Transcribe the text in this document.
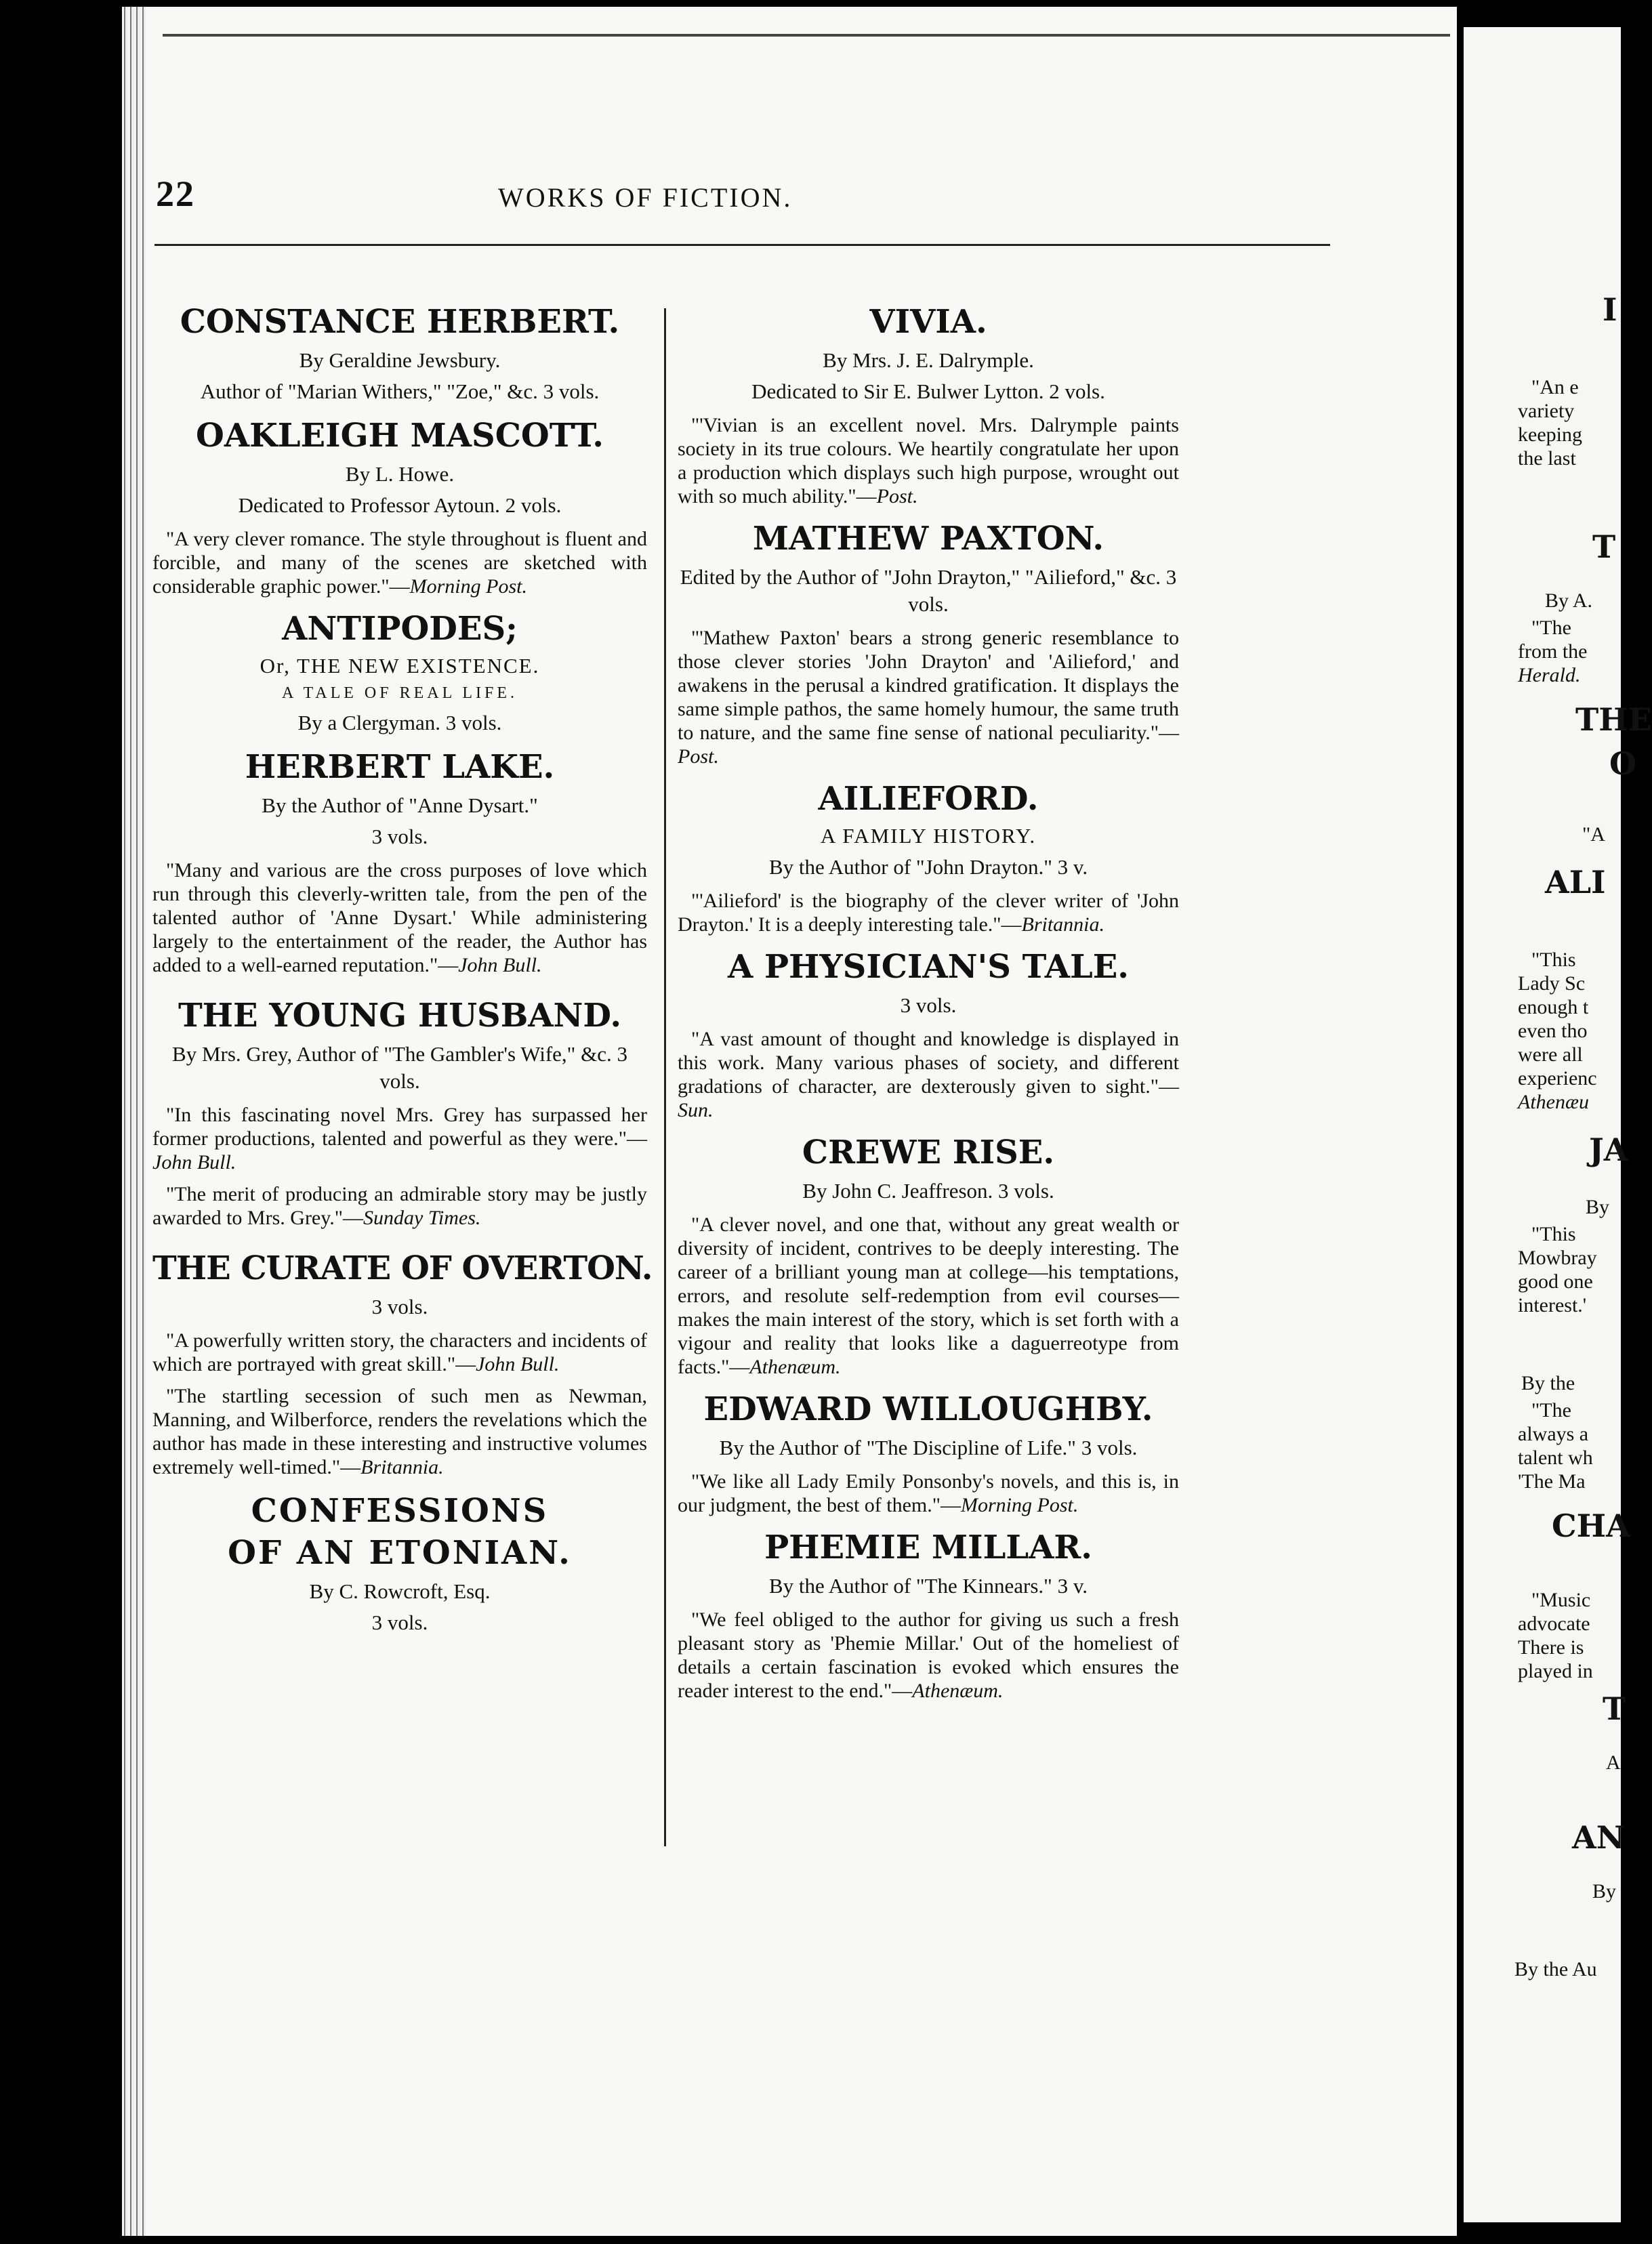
22	WORKS OF FICTION.
CONSTANCE HERBERT.
By Geraldine Jewsbury.
Author of "Marian Withers," "Zoe," &c. 3 vols.
OAKLEIGH MASCOTT.
By L. Howe.
Dedicated to Professor Aytoun. 2 vols.
"A very clever romance. The style throughout is fluent and forcible, and many of the scenes are sketched with considerable graphic power."—Morning Post.
ANTIPODES;
Or, THE NEW EXISTENCE.
A TALE OF REAL LIFE.
By a Clergyman. 3 vols.
HERBERT LAKE.
By the Author of "Anne Dysart."
3 vols.
"Many and various are the cross purposes of love which run through this cleverly-written tale, from the pen of the talented author of 'Anne Dysart.' While administering largely to the entertainment of the reader, the Author has added to a well-earned reputation."—John Bull.
THE YOUNG HUSBAND.
By Mrs. Grey, Author of "The Gambler's Wife," &c. 3 vols.
"In this fascinating novel Mrs. Grey has surpassed her former productions, talented and powerful as they were."—John Bull.
"The merit of producing an admirable story may be justly awarded to Mrs. Grey."—Sunday Times.
THE CURATE OF OVERTON.
3 vols.
"A powerfully written story, the characters and incidents of which are portrayed with great skill."—John Bull.
"The startling secession of such men as Newman, Manning, and Wilberforce, renders the revelations which the author has made in these interesting and instructive volumes extremely well-timed."—Britannia.
CONFESSIONS
OF AN ETONIAN.
By C. Rowcroft, Esq.
3 vols.
VIVIA.
By Mrs. J. E. Dalrymple.
Dedicated to Sir E. Bulwer Lytton. 2 vols.
"'Vivian is an excellent novel. Mrs. Dalrymple paints society in its true colours. We heartily congratulate her upon a production which displays such high purpose, wrought out with so much ability."—Post.
MATHEW PAXTON.
Edited by the Author of "John Drayton," "Ailieford," &c. 3 vols.
"'Mathew Paxton' bears a strong generic resemblance to those clever stories 'John Drayton' and 'Ailieford,' and awakens in the perusal a kindred gratification. It displays the same simple pathos, the same homely humour, the same truth to nature, and the same fine sense of national peculiarity."—Post.
AILIEFORD.
A FAMILY HISTORY.
By the Author of "John Drayton." 3 v.
"'Ailieford' is the biography of the clever writer of 'John Drayton.' It is a deeply interesting tale."—Britannia.
A PHYSICIAN'S TALE.
3 vols.
"A vast amount of thought and knowledge is displayed in this work. Many various phases of society, and different gradations of character, are dexterously given to sight."—Sun.
CREWE RISE.
By John C. Jeaffreson. 3 vols.
"A clever novel, and one that, without any great wealth or diversity of incident, contrives to be deeply interesting. The career of a brilliant young man at college—his temptations, errors, and resolute self-redemption from evil courses—makes the main interest of the story, which is set forth with a vigour and reality that looks like a daguerreotype from facts."—Athenæum.
EDWARD WILLOUGHBY.
By the Author of "The Discipline of Life." 3 vols.
"We like all Lady Emily Ponsonby's novels, and this is, in our judgment, the best of them."—Morning Post.
PHEMIE MILLAR.
By the Author of "The Kinnears." 3 v.
"We feel obliged to the author for giving us such a fresh pleasant story as 'Phemie Millar.' Out of the homeliest of details a certain fascination is evoked which ensures the reader interest to the end."—Athenæum.
I
"An e
variety
keeping
the last
T
By A.
"The
from the
Herald.
THE
O
"A
ALI
"This
Lady Sc
enough t
even tho
were all
experienc
Athenæu
JA
By
"This
Mowbray
good one
interest.'
By the
"The
always a
talent wh
'The Ma
CHA
"Music
advocate
There is
played in
T
A
AN
By
By the Au
